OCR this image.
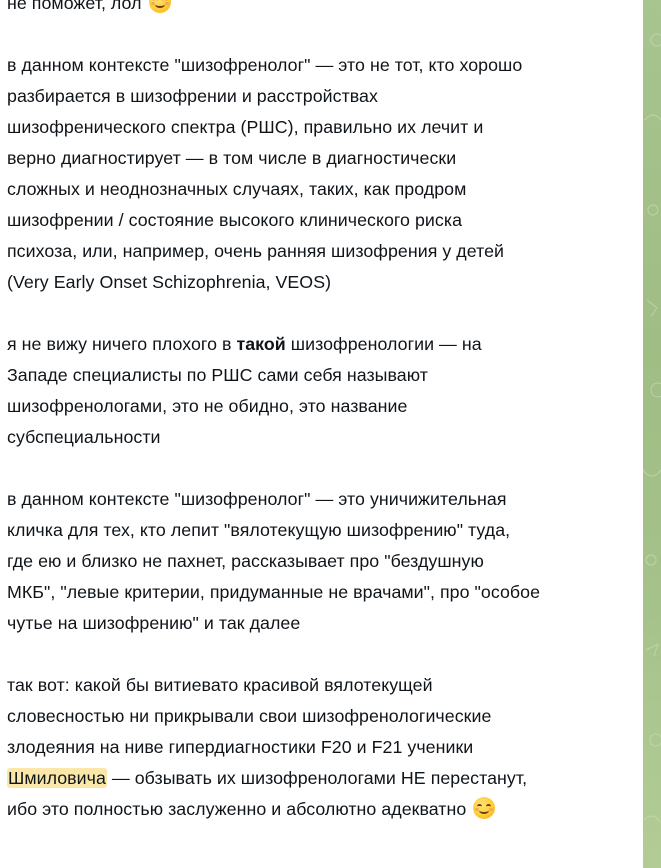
не поможет, лол

в данном контексте "шизофренолог" — это не тот, кто хорошо
разбирается в шизофрении и расстройствах
шизофренического спектра (РШС), правильно их лечит и
верно диагностирует — в том числе в диагностически
сложных и неоднозначных случаях, таких, как продром
шизофрении / состояние высокого клинического риска
психоза, или, например, очень ранняя шизофрения у детей
(Very Early Onset Schizophrenia, VEOS)

я не вижу ничего плохого в такой шизофренологии — на
Западе специалисты по РШС сами себя называют
шизофренологами, это не обидно, это название
субспециальности

в данном контексте "шизофренолог" — это уничижительная
кличка для тех, кто лепит "вялотекущую шизофрению" туда,
где ею и близко не пахнет, рассказывает про "бездушную
МКБ", "левые критерии, придуманные не врачами", про "особое
чутье на шизофрению" и так далее

так вот: какой бы витиевато красивой вялотекущей
словесностью ни прикрывали свои шизофренологические
злодеяния на ниве гипердиагностики F20 и F21 ученики
Шмиловича — обзывать их шизофренологами НЕ перестанут,
ибо это полностью заслуженно и абсолютно адекватно
